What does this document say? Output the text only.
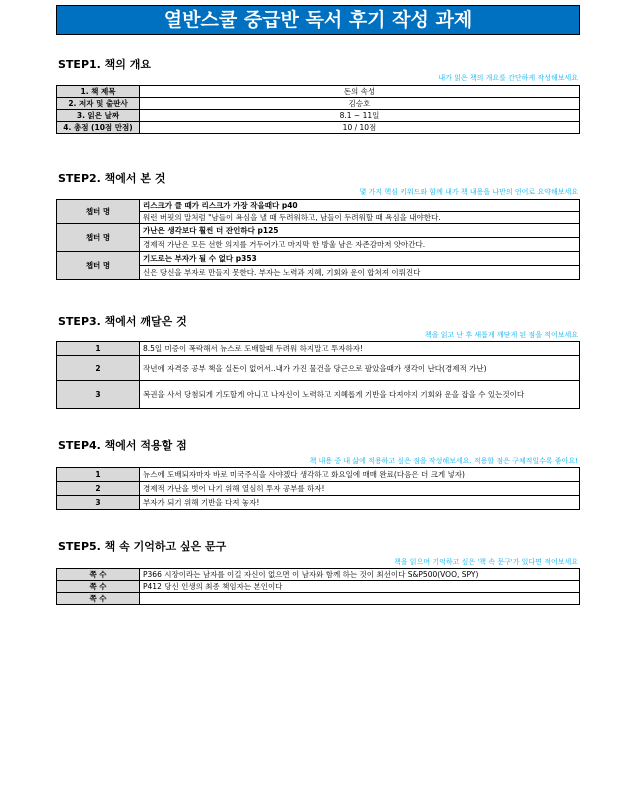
열반스쿨 중급반 독서 후기 작성 과제
STEP1. 책의 개요
내가 읽은 책의 개요를 간단하게 작성해보세요
1. 책 제목	돈의 속성
2. 저자 및 출판사	김승호
3. 읽은 날짜	8.1 ~ 11일
4. 총점 (10점 만점)	10 / 10점
STEP2. 책에서 본 것
몇 가지 핵심 키워드와 함께 내가 책 내용을 나만의 언어로 요약해보세요
챕터 명	리스크가 클 때가 리스크가 가장 작을때다 p40
	워런 버핏의 말처럼 "남들이 욕심을 낼 때 두려워하고, 남들이 두려워할 때 욕심을 내야한다.
챕터 명	가난은 생각보다 훨씬 더 잔인하다 p125
	경제적 가난은 모든 선한 의지를 거두어가고 마지막 한 방울 남은 자존감마저 앗아간다.
챕터 명	기도로는 부자가 될 수 없다 p353
	신은 당신을 부자로 만들지 못한다. 부자는 노력과 지혜, 기회와 운이 합쳐져 이뤄진다
STEP3. 책에서 깨달은 것
책을 읽고 난 후 새롭게 깨닫게 된 점을 적어보세요
1	8.5일 미증이 폭락해서 뉴스로 도배할때 두려워 하지말고 투자하자!
2	작년에 자격증 공부 책을 실돈이 없어서..내가 가진 물건을 당근으로 팔았을때가 생각이 난다(경제적 가난)
3	복권을 사서 당첨되게 기도할게 아니고 나자신이 노력하고 지혜롭게 기반을 다져야지 기회와 운을 잡을 수 있는것이다
STEP4. 책에서 적용할 점
책 내용 중 내 삶에 적용하고 싶은 점을 작성해보세요. 적용할 점은 구체적일수록 좋아요!
1	뉴스에 도배되자마자 바로 미국주식을 사야겠다 생각하고 화요일에 매매 완료(다음은 더 크게 넣자)
2	경제적 가난을 벗어 나기 위해 열심히 투자 공부를 하자!
3	부자가 되기 위해 기반을 다져 놓자!
STEP5. 책 속 기억하고 싶은 문구
책을 읽으며 기억하고 싶은 '책 속 문구'가 있다면 적어보세요
쪽 수	P366 시장이라는 남자를 이길 자신이 없으면 이 남자와 함께 하는 것이 최선이다 S&P500(VOO, SPY)
쪽 수	P412 당신 인생의 최종 책임자는 본인이다
쪽 수	
